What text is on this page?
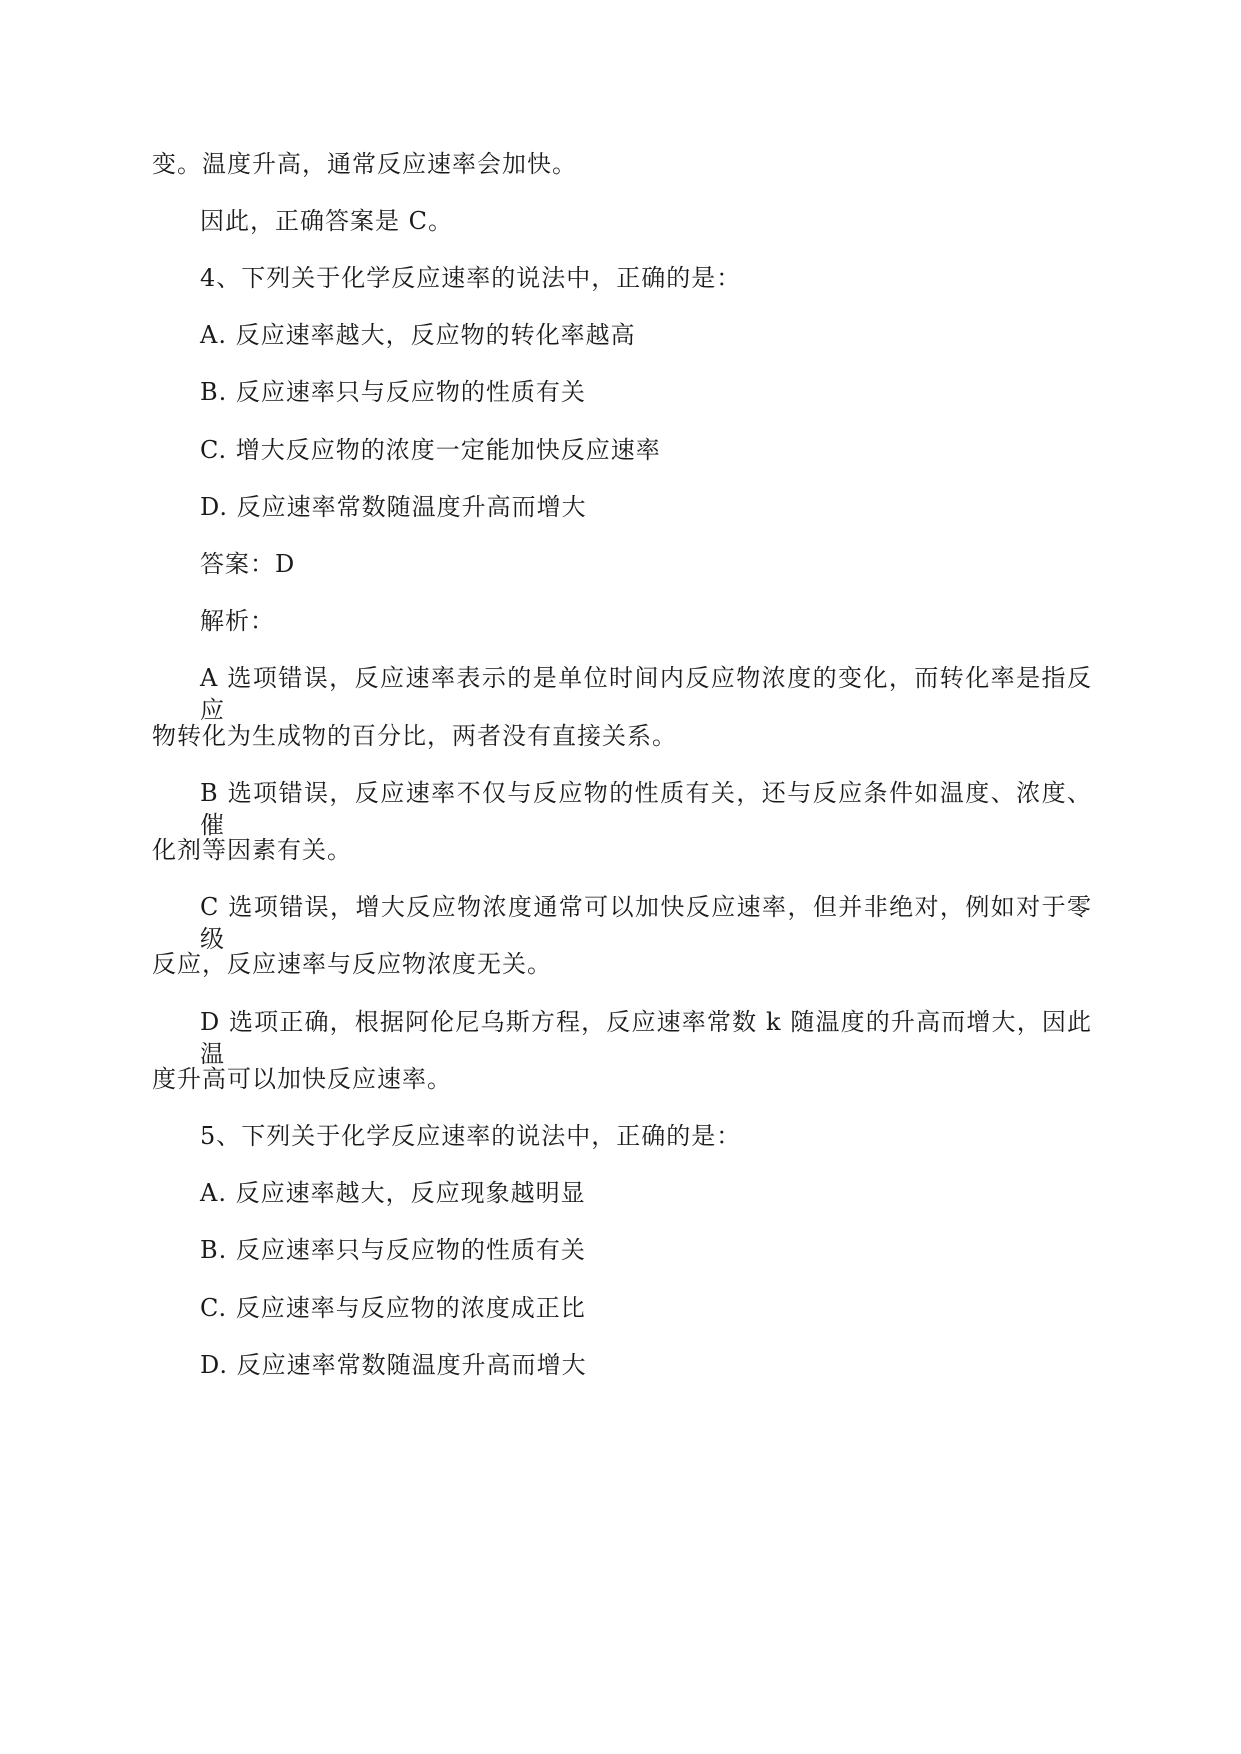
变。温度升高，通常反应速率会加快。
因此，正确答案是 C。
4、下列关于化学反应速率的说法中，正确的是：
A. 反应速率越大，反应物的转化率越高
B. 反应速率只与反应物的性质有关
C. 增大反应物的浓度一定能加快反应速率
D. 反应速率常数随温度升高而增大
答案：D
解析：
A 选项错误，反应速率表示的是单位时间内反应物浓度的变化，而转化率是指反应
物转化为生成物的百分比，两者没有直接关系。
B 选项错误，反应速率不仅与反应物的性质有关，还与反应条件如温度、浓度、催
化剂等因素有关。
C 选项错误，增大反应物浓度通常可以加快反应速率，但并非绝对，例如对于零级
反应，反应速率与反应物浓度无关。
D 选项正确，根据阿伦尼乌斯方程，反应速率常数 k 随温度的升高而增大，因此温
度升高可以加快反应速率。
5、下列关于化学反应速率的说法中，正确的是：
A. 反应速率越大，反应现象越明显
B. 反应速率只与反应物的性质有关
C. 反应速率与反应物的浓度成正比
D. 反应速率常数随温度升高而增大
